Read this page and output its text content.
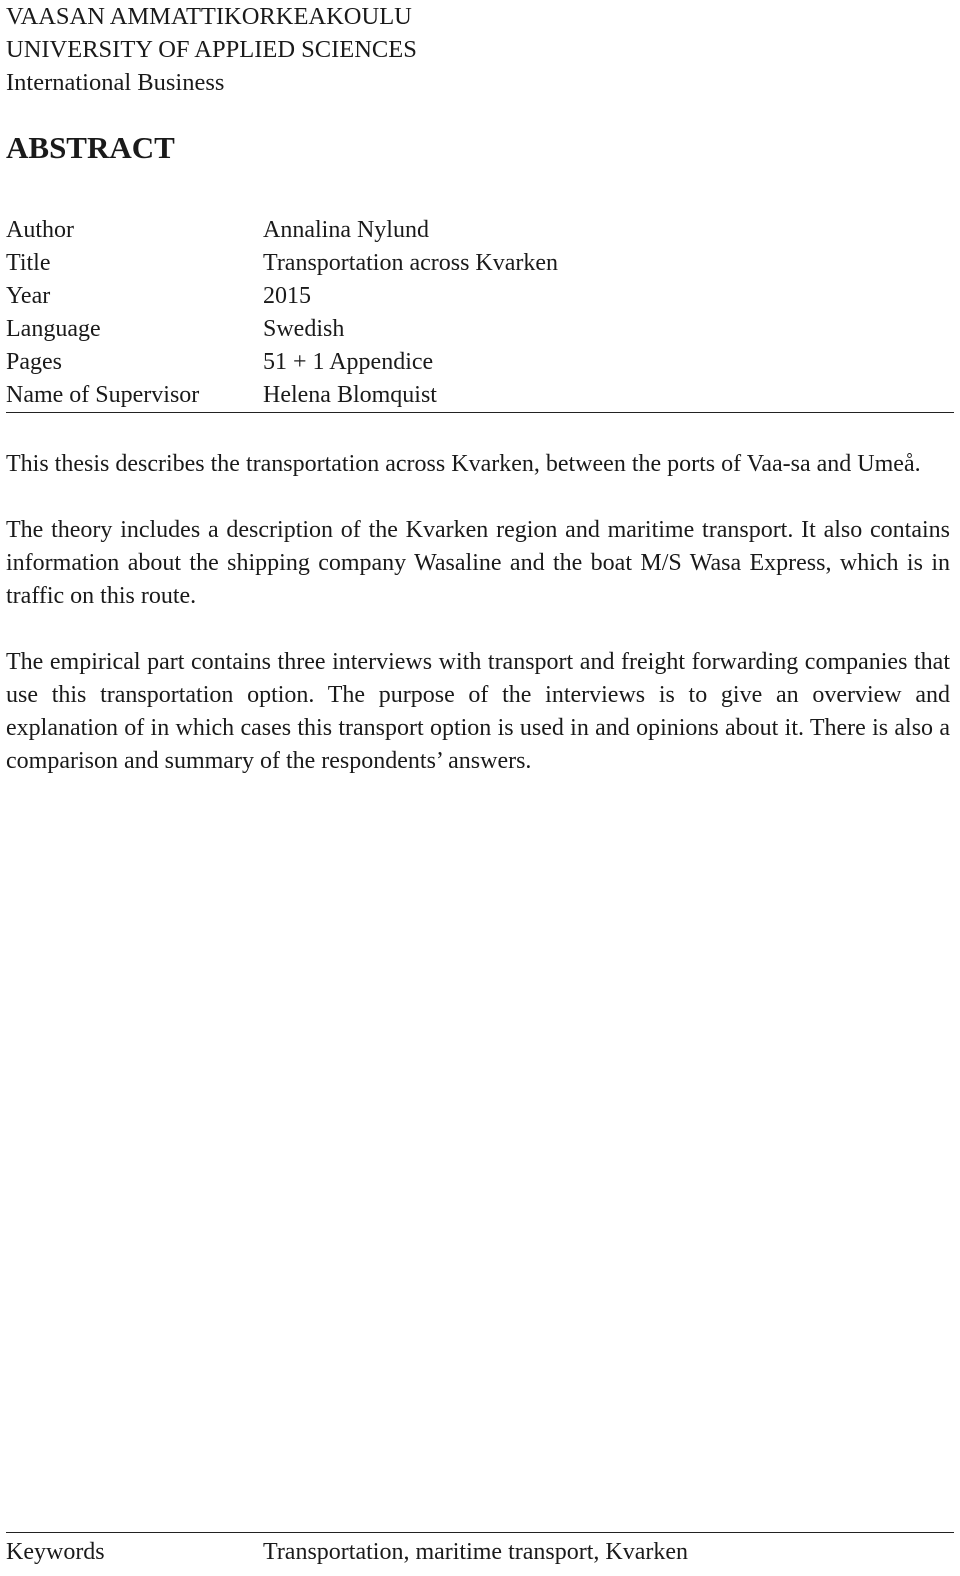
VAASAN AMMATTIKORKEAKOULU
UNIVERSITY OF APPLIED SCIENCES
International Business
ABSTRACT
Author	Annalina Nylund
Title	Transportation across Kvarken
Year	2015
Language	Swedish
Pages	51 + 1 Appendice
Name of Supervisor	Helena Blomquist

This thesis describes the transportation across Kvarken, between the ports of Vaa-sa and Umeå.

The theory includes a description of the Kvarken region and maritime transport. It also contains information about the shipping company Wasaline and the boat M/S Wasa Express, which is in traffic on this route.

The empirical part contains three interviews with transport and freight forwarding companies that use this transportation option. The purpose of the interviews is to give an overview and explanation of in which cases this transport option is used in and opinions about it. There is also a comparison and summary of the respondents’ answers.

Keywords	Transportation, maritime transport, Kvarken
